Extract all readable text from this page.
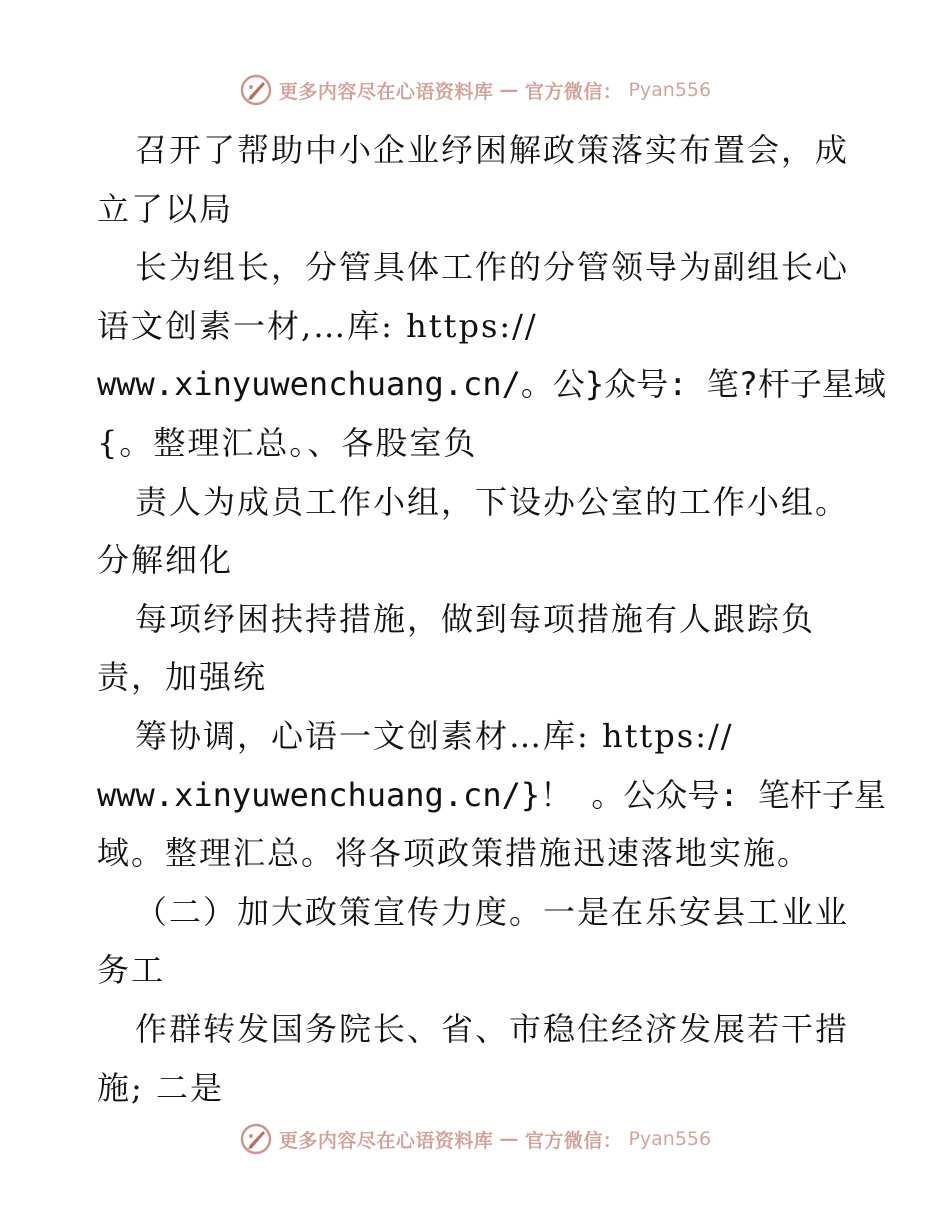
更多内容尽在心语资料库 — 官方微信： Pyan556
召开了帮助中小企业纾困解政策落实布置会，成
立了以局
长为组长，分管具体工作的分管领导为副组长心
语文创素一材,…库: https://
www.xinyuwenchuang.cn/。公}众号: 笔?杆子星域
{。整理汇总。、各股室负
责人为成员工作小组，下设办公室的工作小组。
分解细化
每项纾困扶持措施，做到每项措施有人跟踪负
责，加强统
筹协调，心语一文创素材…库: https://
www.xinyuwenchuang.cn/}！ 。公众号: 笔杆子星
域。整理汇总。将各项政策措施迅速落地实施。
（二）加大政策宣传力度。一是在乐安县工业业
务工
作群转发国务院长、省、市稳住经济发展若干措
施; 二是
更多内容尽在心语资料库 — 官方微信： Pyan556
